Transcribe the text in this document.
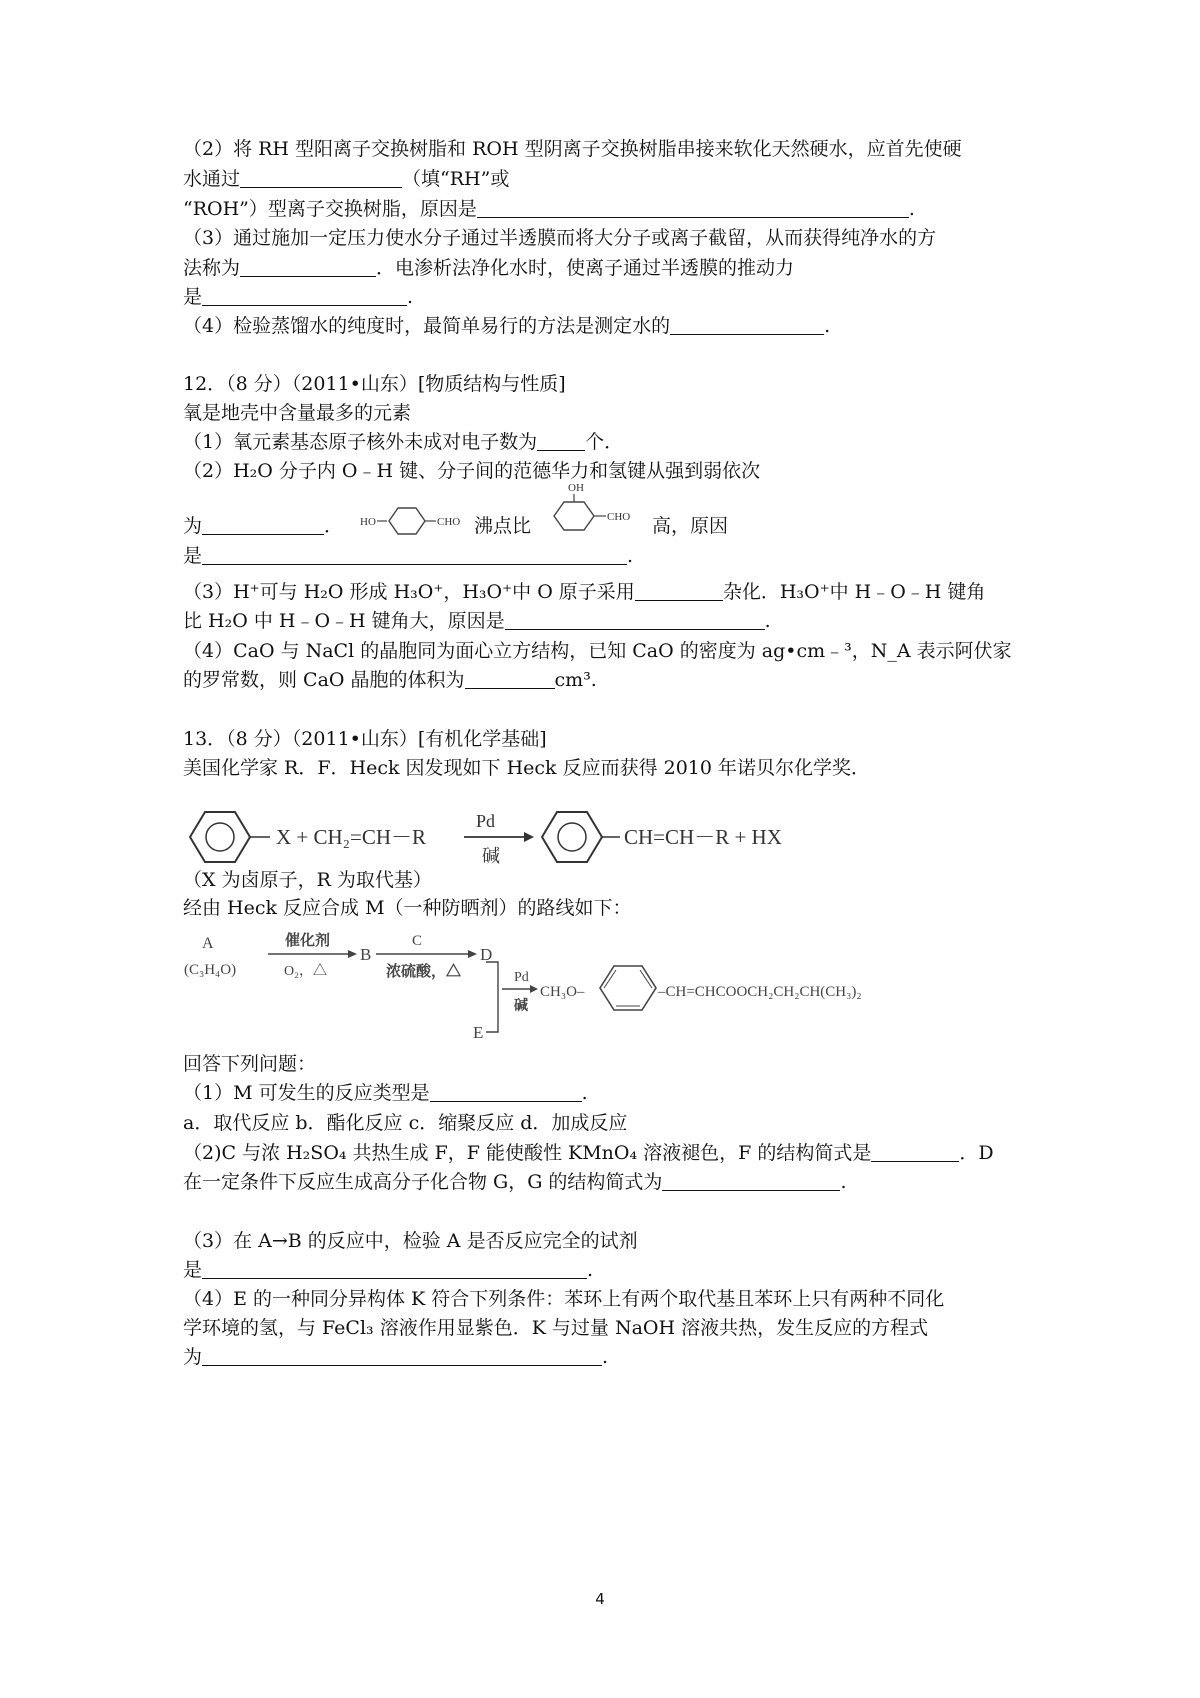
（2）将 RH 型阳离子交换树脂和 ROH 型阴离子交换树脂串接来软化天然硬水，应首先使硬
水通过	（填“RH”或
“ROH”）型离子交换树脂，原因是	.
（3）通过施加一定压力使水分子通过半透膜而将大分子或离子截留，从而获得纯净水的方
法称为	．电渗析法净化水时，使离子通过半透膜的推动力
是	.
（4）检验蒸馏水的纯度时，最简单易行的方法是测定水的	.
12．（8 分）（2011•山东）[物质结构与性质]
氧是地壳中含量最多的元素
（1）氧元素基态原子核外未成对电子数为	个．
（2）H₂O 分子内 O﹣H 键、分子间的范德华力和氢键从强到弱依次
为	． HO	CHO 沸点比
OH
CHO 高，原因
是	.
（3）H⁺可与 H₂O 形成 H₃O⁺，H₃O⁺中 O 原子采用	杂化．H₃O⁺中 H﹣O﹣H 键角
比 H₂O 中 H﹣O﹣H 键角大，原因是	.
（4）CaO 与 NaCl 的晶胞同为面心立方结构，已知 CaO 的密度为 ag•cm﹣³，N_A 表示阿伏家
的罗常数，则 CaO 晶胞的体积为	cm³.
13．（8 分）（2011•山东）[有机化学基础]
美国化学家 R．F．Heck 因发现如下 Heck 反应而获得 2010 年诺贝尔化学奖．
X + CH₂=CH－R
Pd
碱
CH=CH－R + HX
（X 为卤原子，R 为取代基）
经由 Heck 反应合成 M（一种防晒剂）的路线如下：
A
(C₃H₄O)
催化剂
O₂，△
B
C
浓硫酸，△
D
E
Pd
碱
CH₃O–	–CH=CHCOOCH₂CH₂CH(CH₃)₂
回答下列问题：
（1）M 可发生的反应类型是	.
a．取代反应 b．酯化反应 c．缩聚反应 d．加成反应
（2)C 与浓 H₂SO₄ 共热生成 F，F 能使酸性 KMnO₄ 溶液褪色，F 的结构简式是	．D
在一定条件下反应生成高分子化合物 G，G 的结构简式为	.
（3）在 A→B 的反应中，检验 A 是否反应完全的试剂
是	.
（4）E 的一种同分异构体 K 符合下列条件：苯环上有两个取代基且苯环上只有两种不同化
学环境的氢，与 FeCl₃ 溶液作用显紫色．K 与过量 NaOH 溶液共热，发生反应的方程式
为	.
4
